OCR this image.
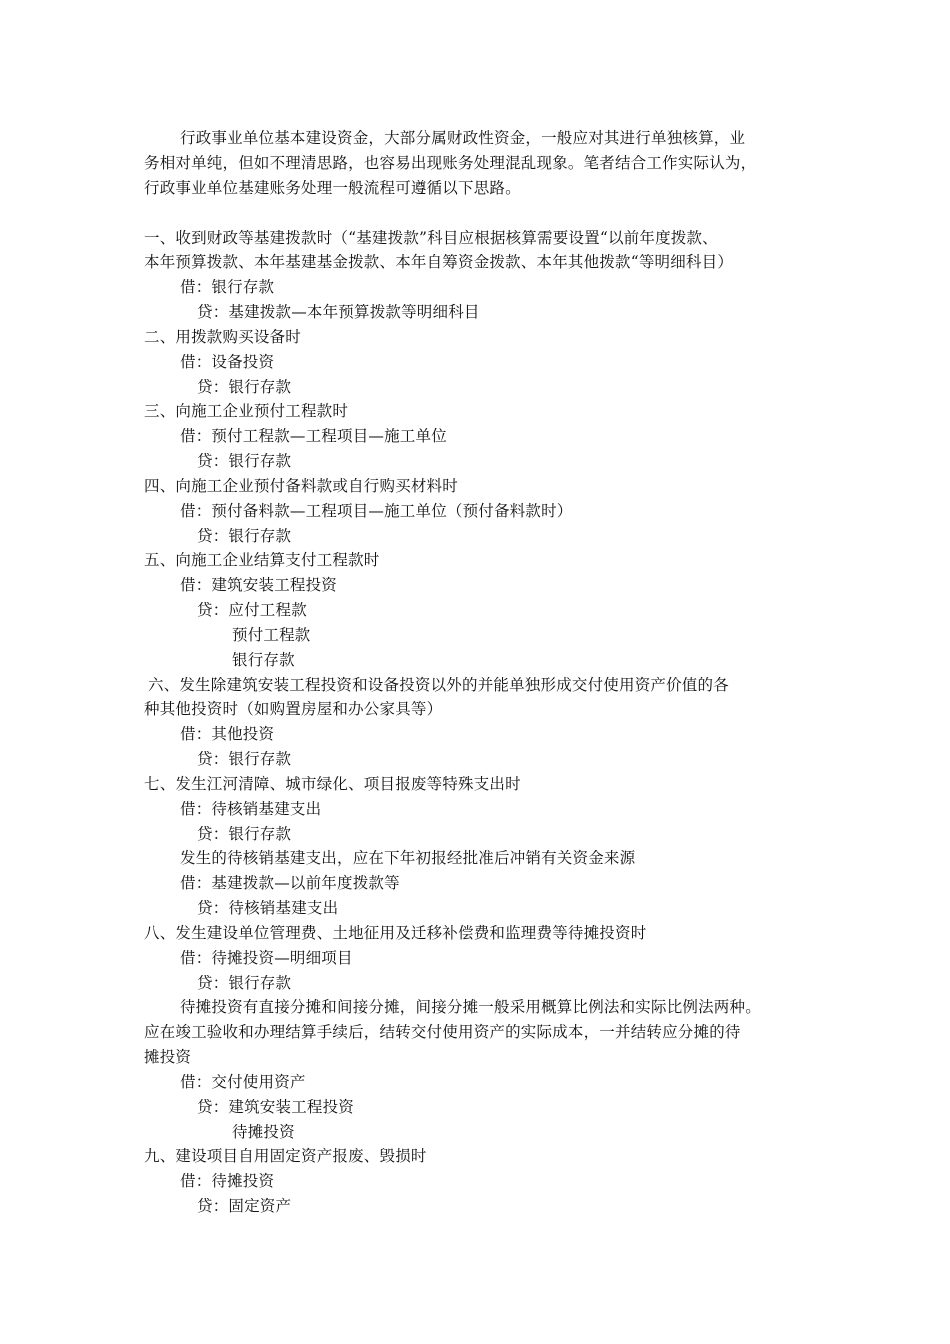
行政事业单位基本建设资金，大部分属财政性资金，一般应对其进行单独核算，业
务相对单纯，但如不理清思路，也容易出现账务处理混乱现象。笔者结合工作实际认为，
行政事业单位基建账务处理一般流程可遵循以下思路。
一、收到财政等基建拨款时（“基建拨款”科目应根据核算需要设置“以前年度拨款、
本年预算拨款、本年基建基金拨款、本年自筹资金拨款、本年其他拨款“等明细科目）
借：银行存款
贷：基建拨款—本年预算拨款等明细科目
二、用拨款购买设备时
借：设备投资
贷：银行存款
三、向施工企业预付工程款时
借：预付工程款—工程项目—施工单位
贷：银行存款
四、向施工企业预付备料款或自行购买材料时
借：预付备料款—工程项目—施工单位（预付备料款时）
贷：银行存款
五、向施工企业结算支付工程款时
借：建筑安装工程投资
贷：应付工程款
预付工程款
银行存款
六、发生除建筑安装工程投资和设备投资以外的并能单独形成交付使用资产价值的各
种其他投资时（如购置房屋和办公家具等）
借：其他投资
贷：银行存款
七、发生江河清障、城市绿化、项目报废等特殊支出时
借：待核销基建支出
贷：银行存款
发生的待核销基建支出，应在下年初报经批准后冲销有关资金来源
借：基建拨款—以前年度拨款等
贷：待核销基建支出
八、发生建设单位管理费、土地征用及迁移补偿费和监理费等待摊投资时
借：待摊投资—明细项目
贷：银行存款
待摊投资有直接分摊和间接分摊，间接分摊一般采用概算比例法和实际比例法两种。
应在竣工验收和办理结算手续后，结转交付使用资产的实际成本，一并结转应分摊的待
摊投资
借：交付使用资产
贷：建筑安装工程投资
待摊投资
九、建设项目自用固定资产报废、毁损时
借：待摊投资
贷：固定资产
